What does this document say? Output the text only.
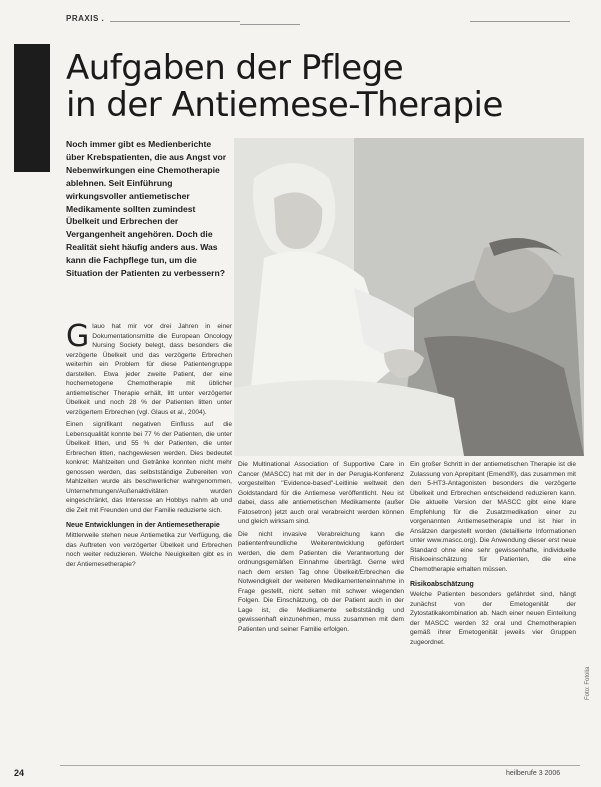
PRAXIS .
Aufgaben der Pflege
in der Antiemese-Therapie

Noch immer gibt es Medienberichte über Krebspatienten, die aus Angst vor Nebenwirkungen eine Chemotherapie ablehnen. Seit Einführung wirkungsvoller antiemetischer Medikamente sollten zumindest Übelkeit und Erbrechen der Vergangenheit angehören. Doch die Realität sieht häufig anders aus. Was kann die Fachpflege tun, um die Situation der Patienten zu verbessern?

G lauo hat mir vor drei Jahren in einer Dokumentationsmitte die European Oncology Nursing Society belegt, dass besonders die verzögerte Übelkeit und das verzögerte Erbrechen weiterhin ein Problem für diese Patientengruppe darstellen. Etwa jeder zweite Patient, der eine hochemetogene Chemotherapie mit üblicher antiemetischer Therapie erhält, litt unter verzögerter Übelkeit und noch 28 % der Patienten litten unter verzögertem Erbrechen (vgl. Glaus et al., 2004).

Einen signifikant negativen Einfluss auf die Lebensqualität konnte bei 77 % der Patienten, die unter Übelkeit litten, und 55 % der Patienten, die unter Erbrechen litten, nachgewiesen werden. Dies bedeutet konkret: Mahlzeiten und Getränke konnten nicht mehr genossen werden, das selbstständige Zubereiten von Mahlzeiten wurde als beschwerlicher wahrgenommen, Unternehmungen/Außenaktivitäten wurden eingeschränkt, das Interesse an Hobbys nahm ab und die Zeit mit Freunden und der Familie reduzierte sich.

Neue Entwicklungen in der Antiemesetherapie

Mittlerweile stehen neue Antiemetika zur Verfügung, die das Auftreten von verzögerter Übelkeit und Erbrechen noch weiter reduzieren. Welche Neuigkeiten gibt es in der Antiemesetherapie?

Die Multinational Association of Supportive Care in Cancer (MASCC) hat mit der in der Perugia-Konferenz vorgestellten "Evidence-based"-Leitlinie weltweit den Goldstandard für die Antiemese veröffentlicht. Neu ist dabei, dass alle antiemetischen Medikamente (außer Fatosetron) jetzt auch oral verabreicht werden können und gleich wirksam sind.

Die nicht invasive Verabreichung kann die patientenfreundliche Weiterentwicklung gefördert werden, die dem Patienten die Verantwortung der ordnungsgemäßen Einnahme überträgt. Gerne wird nach dem ersten Tag ohne Übelkeit/Erbrechen die Notwendigkeit der weiteren Medikamenteneinnahme in Frage gestellt, nicht selten mit schwer wiegenden Folgen. Die Einschätzung, ob der Patient auch in der Lage ist, die Medikamente selbstständig und gewissenhaft einzunehmen, muss zusammen mit dem Patienten und seiner Familie erfolgen.

Ein großer Schritt in der antiemetischen Therapie ist die Zulassung von Aprepitant (Emend®), das zusammen mit den 5-HT3-Antagonisten besonders die verzögerte Übelkeit und Erbrechen entscheidend reduzieren kann. Die aktuelle Version der MASCC gibt eine klare Empfehlung für die Zusatzmedikation einer zu vorgenannten Antiemesetherapie und ist hier in Ansätzen dargestellt worden (detaillierte Informationen unter www.mascc.org). Die Anwendung dieser erst neue Standard ohne eine sehr gewissenhafte, individuelle Risikoeinschätzung für Patienten, die eine Chemotherapie erhalten müssen.

Risikoabschätzung

Welche Patienten besonders gefährdet sind, hängt zunächst von der Emetogenität der Zytostatikakombination ab. Nach einer neuen Einteilung der MASCC werden 32 oral und Chemotherapien gemäß ihrer Emetogenität jeweils vier Gruppen zugeordnet.

Foto: Fotolia
24	heilberufe 3 2006
